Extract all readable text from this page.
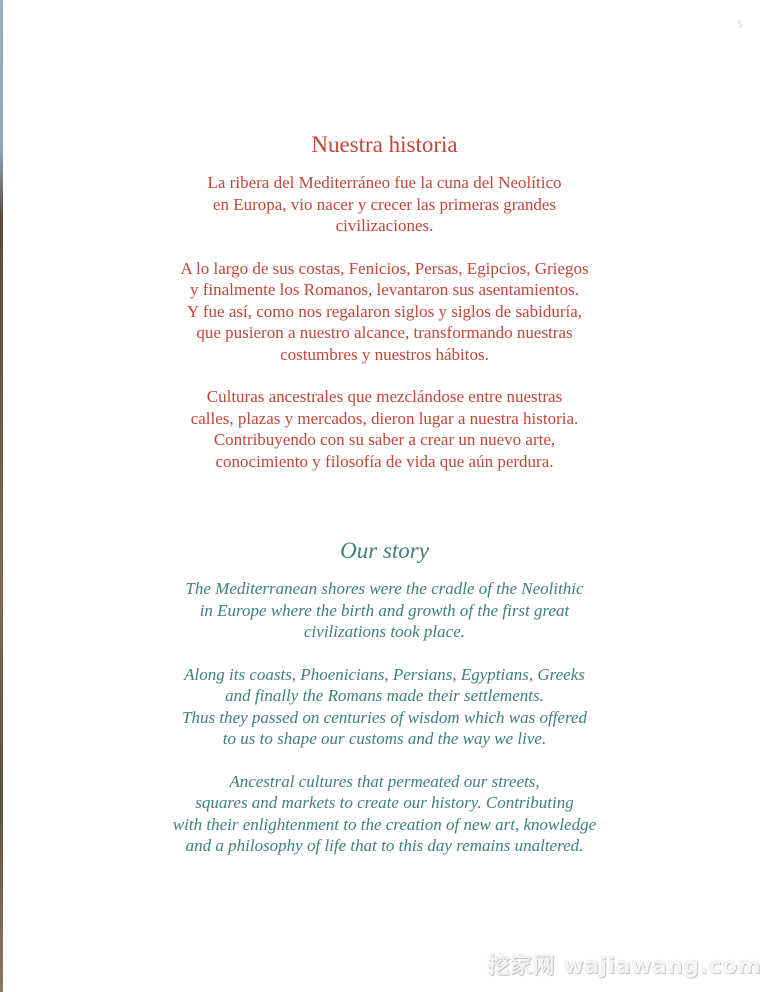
5
Nuestra historia

La ribera del Mediterráneo fue la cuna del Neolítico
en Europa, vio nacer y crecer las primeras grandes
civilizaciones.

A lo largo de sus costas, Fenicios, Persas, Egipcios, Griegos
y finalmente los Romanos, levantaron sus asentamientos.
Y fue así, como nos regalaron siglos y siglos de sabiduría,
que pusieron a nuestro alcance, transformando nuestras
costumbres y nuestros hábitos.

Culturas ancestrales que mezclándose entre nuestras
calles, plazas y mercados, dieron lugar a nuestra historia.
Contribuyendo con su saber a crear un nuevo arte,
conocimiento y filosofía de vida que aún perdura.

Our story

The Mediterranean shores were the cradle of the Neolithic
in Europe where the birth and growth of the first great
civilizations took place.

Along its coasts, Phoenicians, Persians, Egyptians, Greeks
and finally the Romans made their settlements.
Thus they passed on centuries of wisdom which was offered
to us to shape our customs and the way we live.

Ancestral cultures that permeated our streets,
squares and markets to create our history. Contributing
with their enlightenment to the creation of new art, knowledge
and a philosophy of life that to this day remains unaltered.

挖家网 wajiawang.com
